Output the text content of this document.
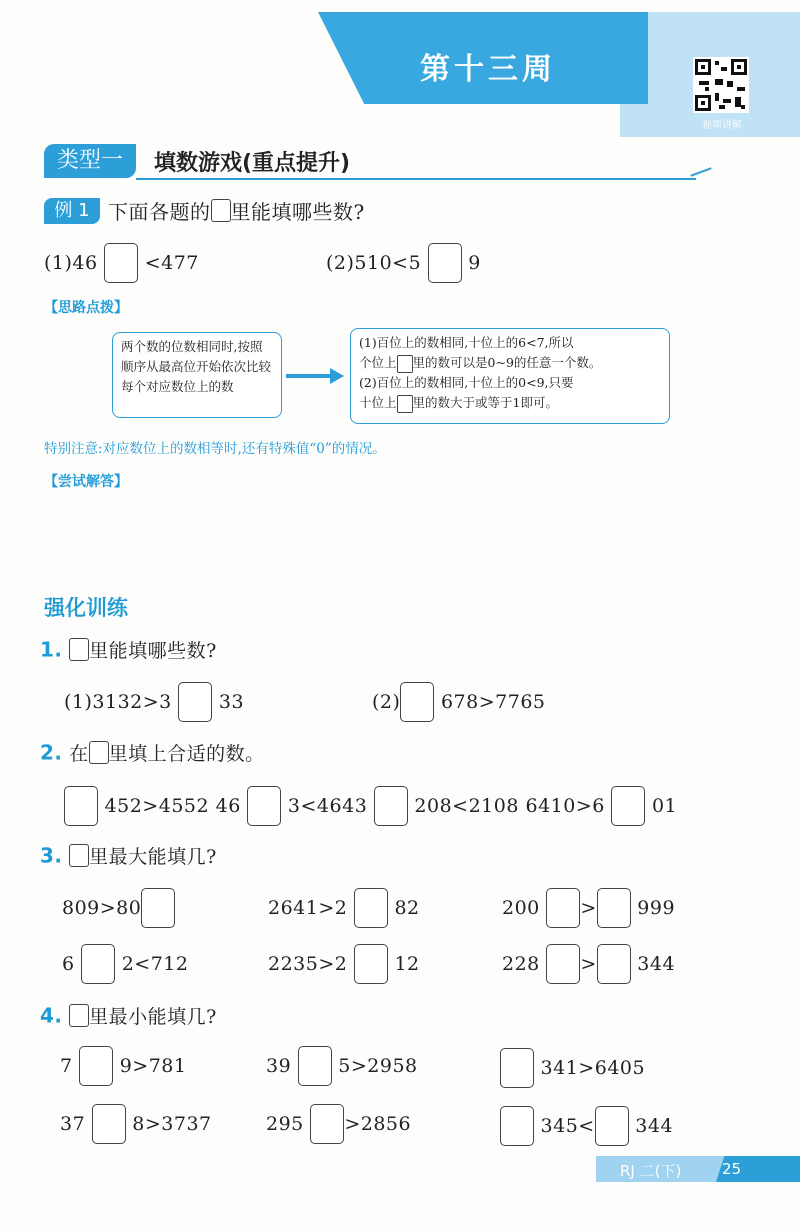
第十三周
视频讲解
类型一	填数游戏(重点提升)
例 1 下面各题的 里能填哪些数?
(1)46 <477	(2)510<5 9
【思路点拨】
两个数的位数相同时,按照顺序从最高位开始依次比较每个对应数位上的数
(1)百位上的数相同,十位上的6<7,所以
个位上 里的数可以是0~9的任意一个数。
(2)百位上的数相同,十位上的0<9,只要
十位上 里的数大于或等于1即可。
特别注意:对应数位上的数相等时,还有特殊值“0”的情况。
【尝试解答】
强化训练
1. 里能填哪些数?
(1)3132>3 33	(2) 678>7765
2. 在 里填上合适的数。
452>4552 46 3<4643 208<2108 6410>6 01
3. 里最大能填几?
809>80	2641>2 82	200 > 999
6 2<712	2235>2 12	228 > 344
4. 里最小能填几?
7 9>781	39 5>2958	341>6405
37 8>3737	295 >2856	345< 344
RJ 二(下)	25
